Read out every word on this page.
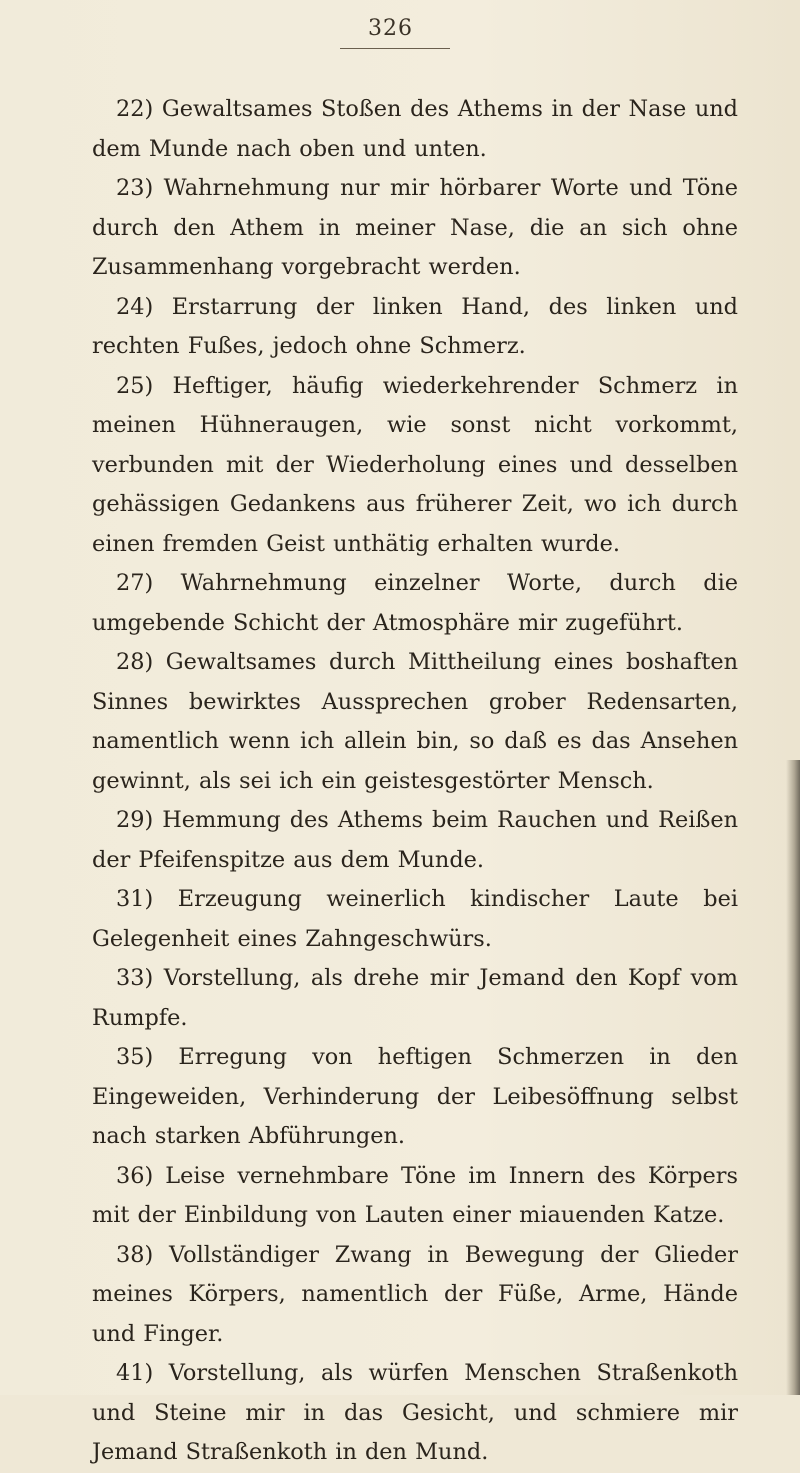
326

22) Gewaltsames Stoßen des Athems in der Nase und dem Munde nach oben und unten.

23) Wahrnehmung nur mir hörbarer Worte und Töne durch den Athem in meiner Nase, die an sich ohne Zusammenhang vorgebracht werden.

24) Erstarrung der linken Hand, des linken und rechten Fußes, jedoch ohne Schmerz.

25) Heftiger, häufig wiederkehrender Schmerz in meinen Hühneraugen, wie sonst nicht vorkommt, verbunden mit der Wiederholung eines und desselben gehässigen Gedankens aus früherer Zeit, wo ich durch einen fremden Geist unthätig erhalten wurde.

27) Wahrnehmung einzelner Worte, durch die umgebende Schicht der Atmosphäre mir zugeführt.

28) Gewaltsames durch Mittheilung eines boshaften Sinnes bewirktes Aussprechen grober Redensarten, namentlich wenn ich allein bin, so daß es das Ansehen gewinnt, als sei ich ein geistesgestörter Mensch.

29) Hemmung des Athems beim Rauchen und Reißen der Pfeifenspitze aus dem Munde.

31) Erzeugung weinerlich kindischer Laute bei Gelegenheit eines Zahngeschwürs.

33) Vorstellung, als drehe mir Jemand den Kopf vom Rumpfe.

35) Erregung von heftigen Schmerzen in den Eingeweiden, Verhinderung der Leibesöffnung selbst nach starken Abführungen.

36) Leise vernehmbare Töne im Innern des Körpers mit der Einbildung von Lauten einer miauenden Katze.

38) Vollständiger Zwang in Bewegung der Glieder meines Körpers, namentlich der Füße, Arme, Hände und Finger.

41) Vorstellung, als würfen Menschen Straßenkoth und Steine mir in das Gesicht, und schmiere mir Jemand Straßenkoth in den Mund.
